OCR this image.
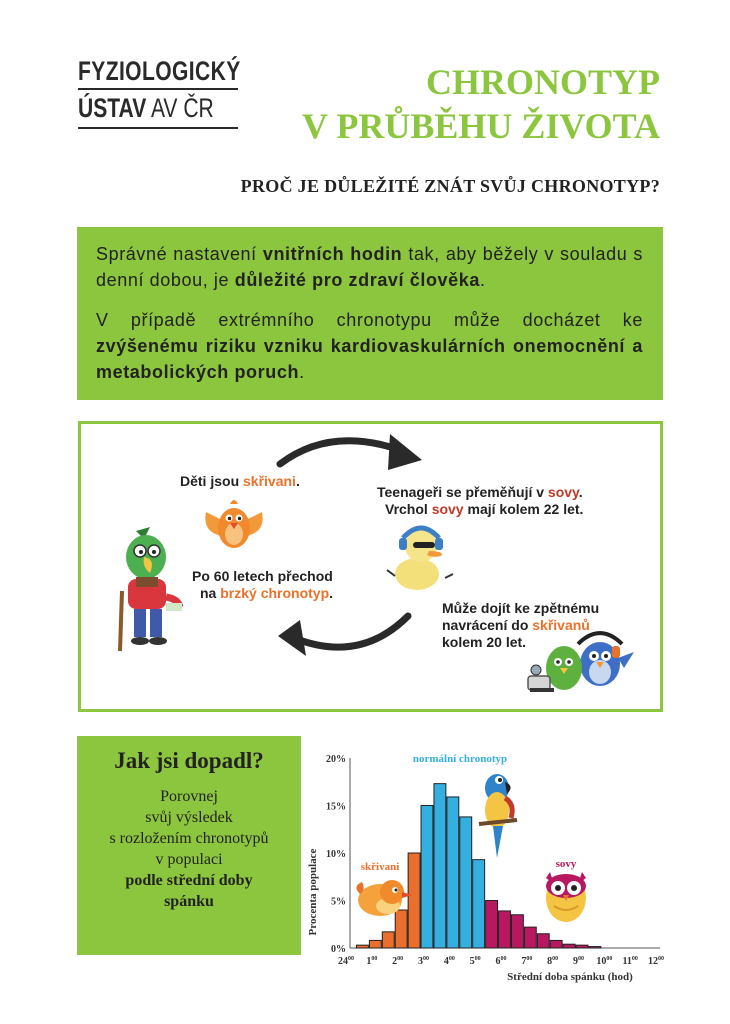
FYZIOLOGICKÝ
ÚSTAV AV ČR
CHRONOTYP
V PRŮBĚHU ŽIVOTA
PROČ JE DŮLEŽITÉ ZNÁT SVŮJ CHRONOTYP?

Správné nastavení vnitřních hodin tak, aby běžely v souladu s denní dobou, je důležité pro zdraví člověka.

V případě extrémního chronotypu může docházet ke zvýšenému riziku vzniku kardiovaskulárních onemocnění a metabolických poruch.

Děti jsou skřivani.
Teenageři se přeměňují v sovy.
Vrchol sovy mají kolem 22 let.
Může dojít ke zpětnému
navrácení do skřivanů
kolem 20 let.
Po 60 letech přechod
na brzký chronotyp.
Jak jsi dopadl?
Porovnej
svůj výsledek
s rozložením chronotypů
v populaci
podle střední doby
spánku	Procenta populace
Střední doba spánku (hod)
0%
5%
10%
15%
20%
$24^{00}$ $1^{00}$ $2^{00}$ $3^{00}$ $4^{00}$ $5^{00}$ $6^{00}$ $7^{00}$ $8^{00}$ $9^{00}$ $10^{00}$ $11^{00}$ $12^{00}$
normální chronotyp
skřivani	sovy
